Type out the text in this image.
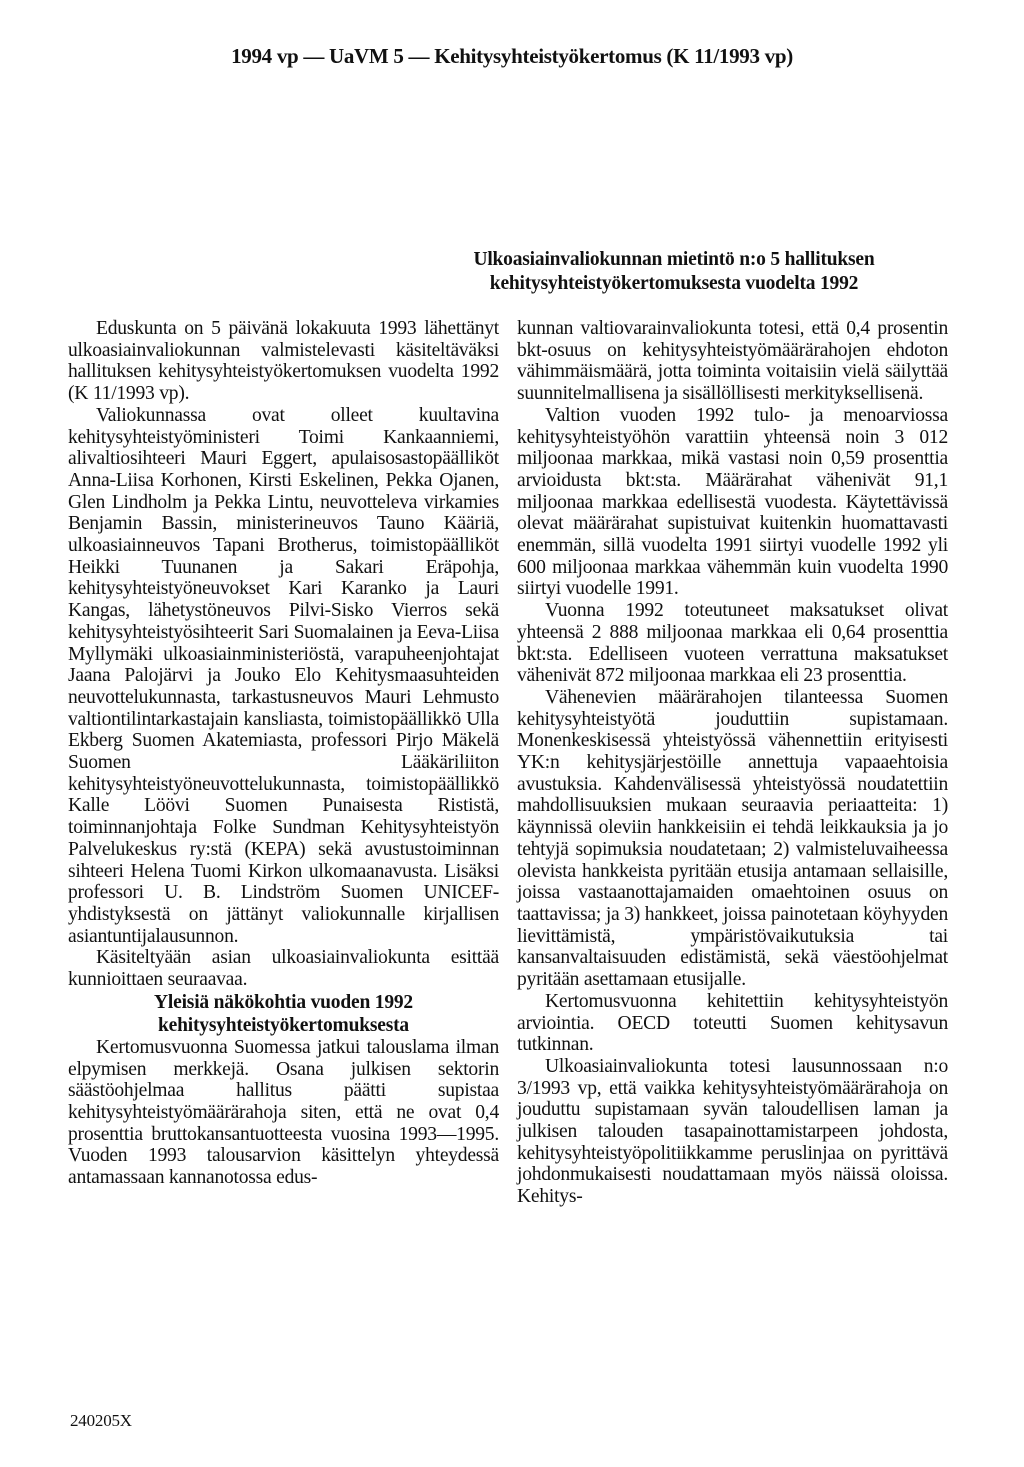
1994 vp — UaVM 5 — Kehitysyhteistyökertomus (K 11/1993 vp)
Ulkoasiainvaliokunnan mietintö n:o 5 hallituksen kehitysyhteistyökertomuksesta vuodelta 1992

Eduskunta on 5 päivänä lokakuuta 1993 lähettänyt ulkoasiainvaliokunnan valmistelevasti käsiteltäväksi hallituksen kehitysyhteistyökertomuksen vuodelta 1992 (K 11/1993 vp).

Valiokunnassa ovat olleet kuultavina kehitysyhteistyöministeri Toimi Kankaanniemi, alivaltiosihteeri Mauri Eggert, apulaisosastopäälliköt Anna-Liisa Korhonen, Kirsti Eskelinen, Pekka Ojanen, Glen Lindholm ja Pekka Lintu, neuvotteleva virkamies Benjamin Bassin, ministerineuvos Tauno Kääriä, ulkoasiainneuvos Tapani Brotherus, toimistopäälliköt Heikki Tuunanen ja Sakari Eräpohja, kehitysyhteistyöneuvokset Kari Karanko ja Lauri Kangas, lähetystöneuvos Pilvi-Sisko Vierros sekä kehitysyhteistyösihteerit Sari Suomalainen ja Eeva-Liisa Myllymäki ulkoasiainministeriöstä, varapuheenjohtajat Jaana Palojärvi ja Jouko Elo Kehitysmaasuhteiden neuvottelukunnasta, tarkastusneuvos Mauri Lehmusto valtiontilintarkastajain kansliasta, toimistopäällikkö Ulla Ekberg Suomen Akatemiasta, professori Pirjo Mäkelä Suomen Lääkäriliiton kehitysyhteistyöneuvottelukunnasta, toimistopäällikkö Kalle Löövi Suomen Punaisesta Rististä, toiminnanjohtaja Folke Sundman Kehitysyhteistyön Palvelukeskus ry:stä (KEPA) sekä avustustoiminnan sihteeri Helena Tuomi Kirkon ulkomaanavusta. Lisäksi professori U. B. Lindström Suomen UNICEF-yhdistyksestä on jättänyt valiokunnalle kirjallisen asiantuntijalausunnon.

Käsiteltyään asian ulkoasiainvaliokunta esittää kunnioittaen seuraavaa.

Yleisiä näkökohtia vuoden 1992 kehitysyhteistyökertomuksesta

Kertomusvuonna Suomessa jatkui talouslama ilman elpymisen merkkejä. Osana julkisen sektorin säästöohjelmaa hallitus päätti supistaa kehitysyhteistyömäärärahoja siten, että ne ovat 0,4 prosenttia bruttokansantuotteesta vuosina 1993—1995. Vuoden 1993 talousarvion käsittelyn yhteydessä antamassaan kannanotossa edus-

kunnan valtiovarainvaliokunta totesi, että 0,4 prosentin bkt-osuus on kehitysyhteistyömäärärahojen ehdoton vähimmäismäärä, jotta toiminta voitaisiin vielä säilyttää suunnitelmallisena ja sisällöllisesti merkityksellisenä.

Valtion vuoden 1992 tulo- ja menoarviossa kehitysyhteistyöhön varattiin yhteensä noin 3 012 miljoonaa markkaa, mikä vastasi noin 0,59 prosenttia arvioidusta bkt:sta. Määrärahat vähenivät 91,1 miljoonaa markkaa edellisestä vuodesta. Käytettävissä olevat määrärahat supistuivat kuitenkin huomattavasti enemmän, sillä vuodelta 1991 siirtyi vuodelle 1992 yli 600 miljoonaa markkaa vähemmän kuin vuodelta 1990 siirtyi vuodelle 1991.

Vuonna 1992 toteutuneet maksatukset olivat yhteensä 2 888 miljoonaa markkaa eli 0,64 prosenttia bkt:sta. Edelliseen vuoteen verrattuna maksatukset vähenivät 872 miljoonaa markkaa eli 23 prosenttia.

Vähenevien määrärahojen tilanteessa Suomen kehitysyhteistyötä jouduttiin supistamaan. Monenkeskisessä yhteistyössä vähennettiin erityisesti YK:n kehitysjärjestöille annettuja vapaaehtoisia avustuksia. Kahdenvälisessä yhteistyössä noudatettiin mahdollisuuksien mukaan seuraavia periaatteita: 1) käynnissä oleviin hankkeisiin ei tehdä leikkauksia ja jo tehtyjä sopimuksia noudatetaan; 2) valmisteluvaiheessa olevista hankkeista pyritään etusija antamaan sellaisille, joissa vastaanottajamaiden omaehtoinen osuus on taattavissa; ja 3) hankkeet, joissa painotetaan köyhyyden lievittämistä, ympäristövaikutuksia tai kansanvaltaisuuden edistämistä, sekä väestöohjelmat pyritään asettamaan etusijalle.

Kertomusvuonna kehitettiin kehitysyhteistyön arviointia. OECD toteutti Suomen kehitysavun tutkinnan.

Ulkoasiainvaliokunta totesi lausunnossaan n:o 3/1993 vp, että vaikka kehitysyhteistyömäärärahoja on jouduttu supistamaan syvän taloudellisen laman ja julkisen talouden tasapainottamistarpeen johdosta, kehitysyhteistyöpolitiikkamme peruslinjaa on pyrittävä johdonmukaisesti noudattamaan myös näissä oloissa. Kehitys-

240205X
